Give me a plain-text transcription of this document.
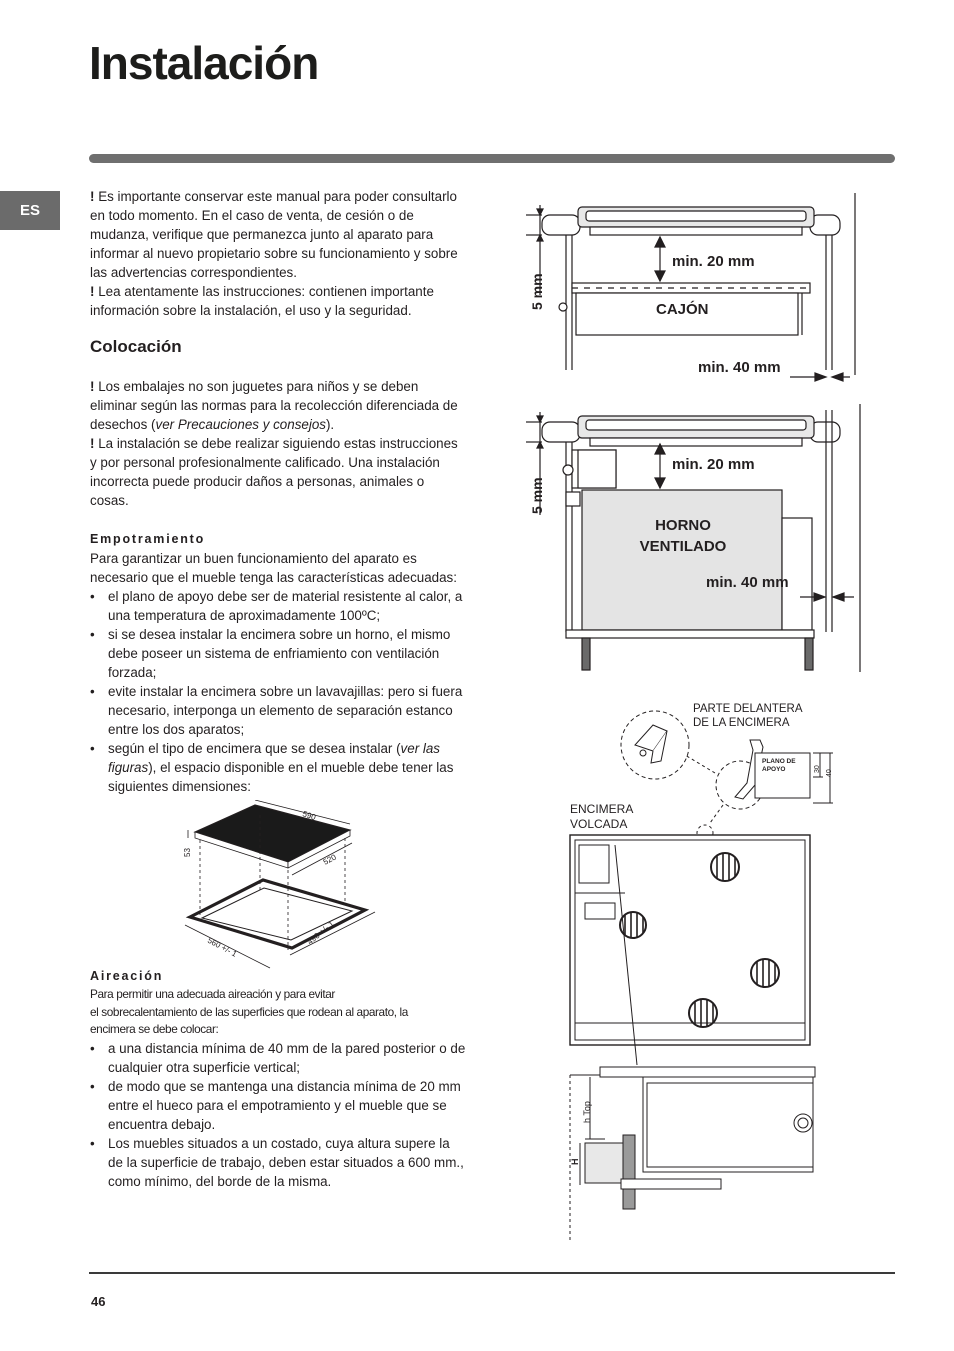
Instalación
ES

! Es importante conservar este manual para poder consultarlo en todo momento. En el caso de venta, de cesión o de mudanza, verifique que permanezca junto al aparato para informar al nuevo propietario sobre su funcionamiento y sobre las advertencias correspondientes.

! Lea atentamente las instrucciones: contienen importante información sobre la instalación, el uso y la seguridad.

Colocación

! Los embalajes no son juguetes para niños y se deben eliminar según las normas para la recolección diferenciada de desechos (ver Precauciones y consejos).

! La instalación se debe realizar siguiendo estas instrucciones y por personal profesionalmente calificado. Una instalación incorrecta puede producir daños a personas, animales o cosas.

Empotramiento

Para garantizar un buen funcionamiento del aparato es necesario que el mueble tenga las características adecuadas:

• el plano de apoyo debe ser de material resistente al calor, a una temperatura de aproximadamente 100ºC;
• si se desea instalar la encimera sobre un horno, el mismo debe poseer un sistema de enfriamiento con ventilación forzada;
• evite instalar la encimera sobre un lavavajillas: pero si fuera necesario, interponga un elemento de separación estanco entre los dos aparatos;
• según el tipo de encimera que se desea instalar (ver las figuras), el espacio disponible en el mueble debe tener las siguientes dimensiones:
590
520
53
560 +/- 1
490 +/- 1
Aireación
Para permitir una adecuada aireación y para evitar
el sobrecalentamiento de las superficies que rodean al aparato, la
encimera se debe colocar:
• a una distancia mínima de 40 mm de la pared posterior o de cualquier otra superficie vertical;
• de modo que se mantenga una distancia mínima de 20 mm entre el hueco para el empotramiento y el mueble que se encuentra debajo.
• Los muebles situados a un costado, cuya altura supere la de la superficie de trabajo, deben estar situados a 600 mm., como mínimo, del borde de la misma.
min. 20 mm
CAJÓN
min. 40 mm
5 mm
min. 20 mm
HORNO
VENTILADO
min. 40 mm
5 mm
PARTE DELANTERA
DE LA ENCIMERA
PLANO DE
APOYO	30
40
ENCIMERA
VOLCADA
h Top
H
46
